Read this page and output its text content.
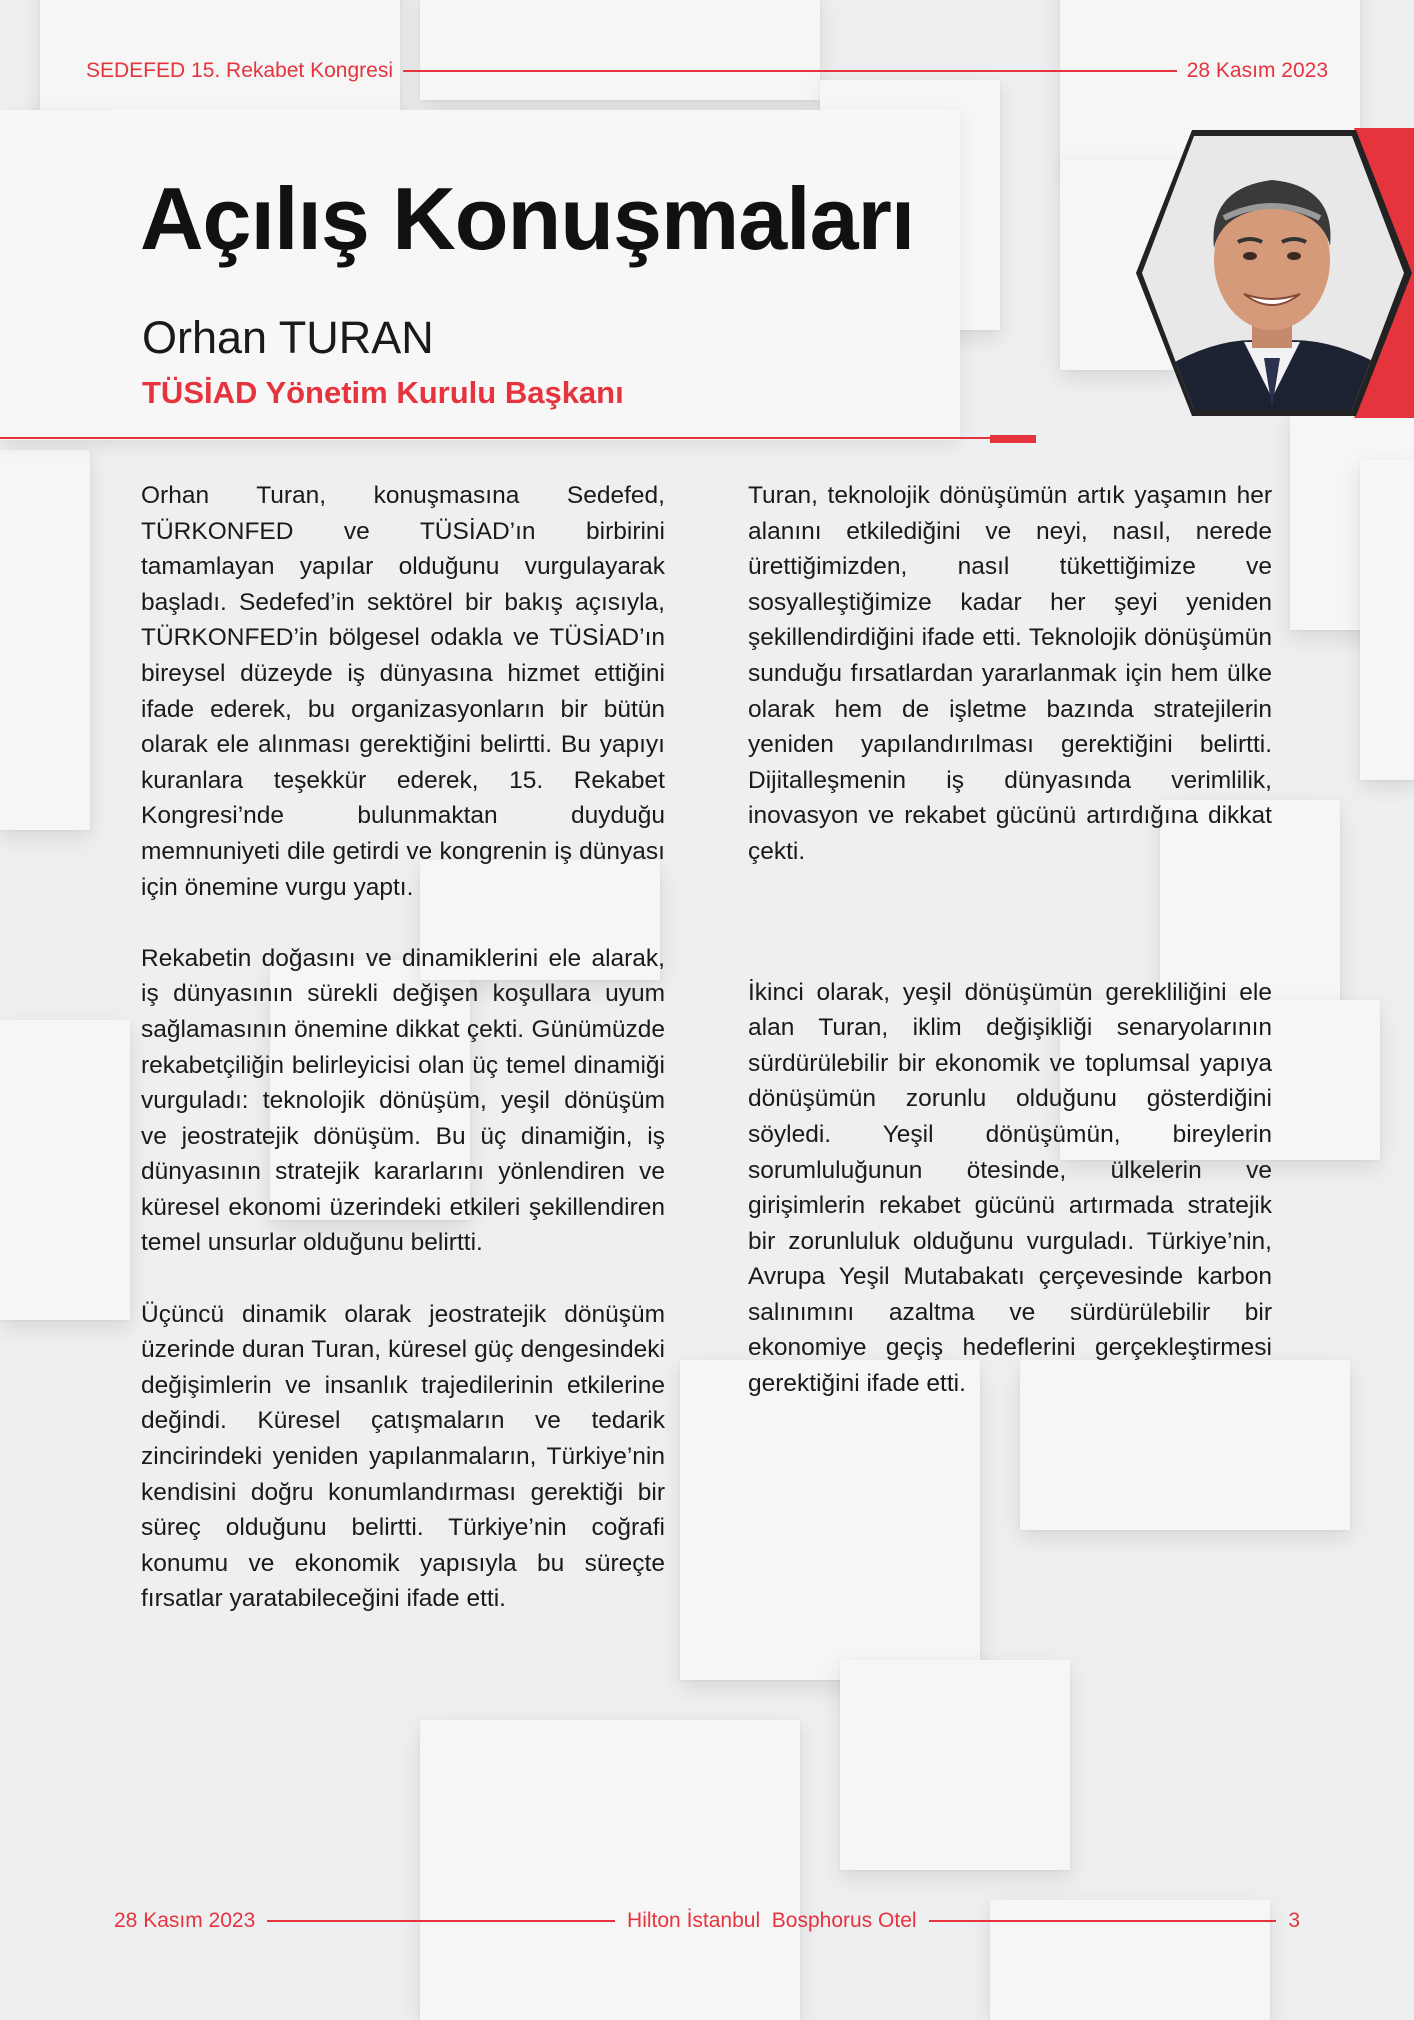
SEDEFED 15. Rekabet Kongresi	28 Kasım 2023
Açılış Konuşmaları
Orhan TURAN
TÜSİAD Yönetim Kurulu Başkanı

Orhan Turan, konuşmasına Sedefed, TÜRKONFED ve TÜSİAD’ın birbirini tamamlayan yapılar olduğunu vurgulayarak başladı. Sedefed’in sektörel bir bakış açısıyla, TÜRKONFED’in bölgesel odakla ve TÜSİAD’ın bireysel düzeyde iş dünyasına hizmet ettiğini ifade ederek, bu organizasyonların bir bütün olarak ele alınması gerektiğini belirtti. Bu yapıyı kuranlara teşekkür ederek, 15. Rekabet Kongresi’nde bulunmaktan duyduğu memnuniyeti dile getirdi ve kongrenin iş dünyası için önemine vurgu yaptı.

Rekabetin doğasını ve dinamiklerini ele alarak, iş dünyasının sürekli değişen koşullara uyum sağlamasının önemine dikkat çekti. Günümüzde rekabetçiliğin belirleyicisi olan üç temel dinamiği vurguladı: teknolojik dönüşüm, yeşil dönüşüm ve jeostratejik dönüşüm. Bu üç dinamiğin, iş dünyasının stratejik kararlarını yönlendiren ve küresel ekonomi üzerindeki etkileri şekillendiren temel unsurlar olduğunu belirtti.

Üçüncü dinamik olarak jeostratejik dönüşüm üzerinde duran Turan, küresel güç dengesindeki değişimlerin ve insanlık trajedilerinin etkilerine değindi. Küresel çatışmaların ve tedarik zincirindeki yeniden yapılanmaların, Türkiye’nin kendisini doğru konumlandırması gerektiği bir süreç olduğunu belirtti. Türkiye’nin coğrafi konumu ve ekonomik yapısıyla bu süreçte fırsatlar yaratabileceğini ifade etti.

Turan, teknolojik dönüşümün artık yaşamın her alanını etkilediğini ve neyi, nasıl, nerede ürettiğimizden, nasıl tükettiğimize ve sosyalleştiğimize kadar her şeyi yeniden şekillendirdiğini ifade etti. Teknolojik dönüşümün sunduğu fırsatlardan yararlanmak için hem ülke olarak hem de işletme bazında stratejilerin yeniden yapılandırılması gerektiğini belirtti. Dijitalleşmenin iş dünyasında verimlilik, inovasyon ve rekabet gücünü artırdığına dikkat çekti.

İkinci olarak, yeşil dönüşümün gerekliliğini ele alan Turan, iklim değişikliği senaryolarının sürdürülebilir bir ekonomik ve toplumsal yapıya dönüşümün zorunlu olduğunu gösterdiğini söyledi. Yeşil dönüşümün, bireylerin sorumluluğunun ötesinde, ülkelerin ve girişimlerin rekabet gücünü artırmada stratejik bir zorunluluk olduğunu vurguladı. Türkiye’nin, Avrupa Yeşil Mutabakatı çerçevesinde karbon salınımını azaltma ve sürdürülebilir bir ekonomiye geçiş hedeflerini gerçekleştirmesi gerektiğini ifade etti.

28 Kasım 2023	Hilton İstanbul  Bosphorus Otel	3
